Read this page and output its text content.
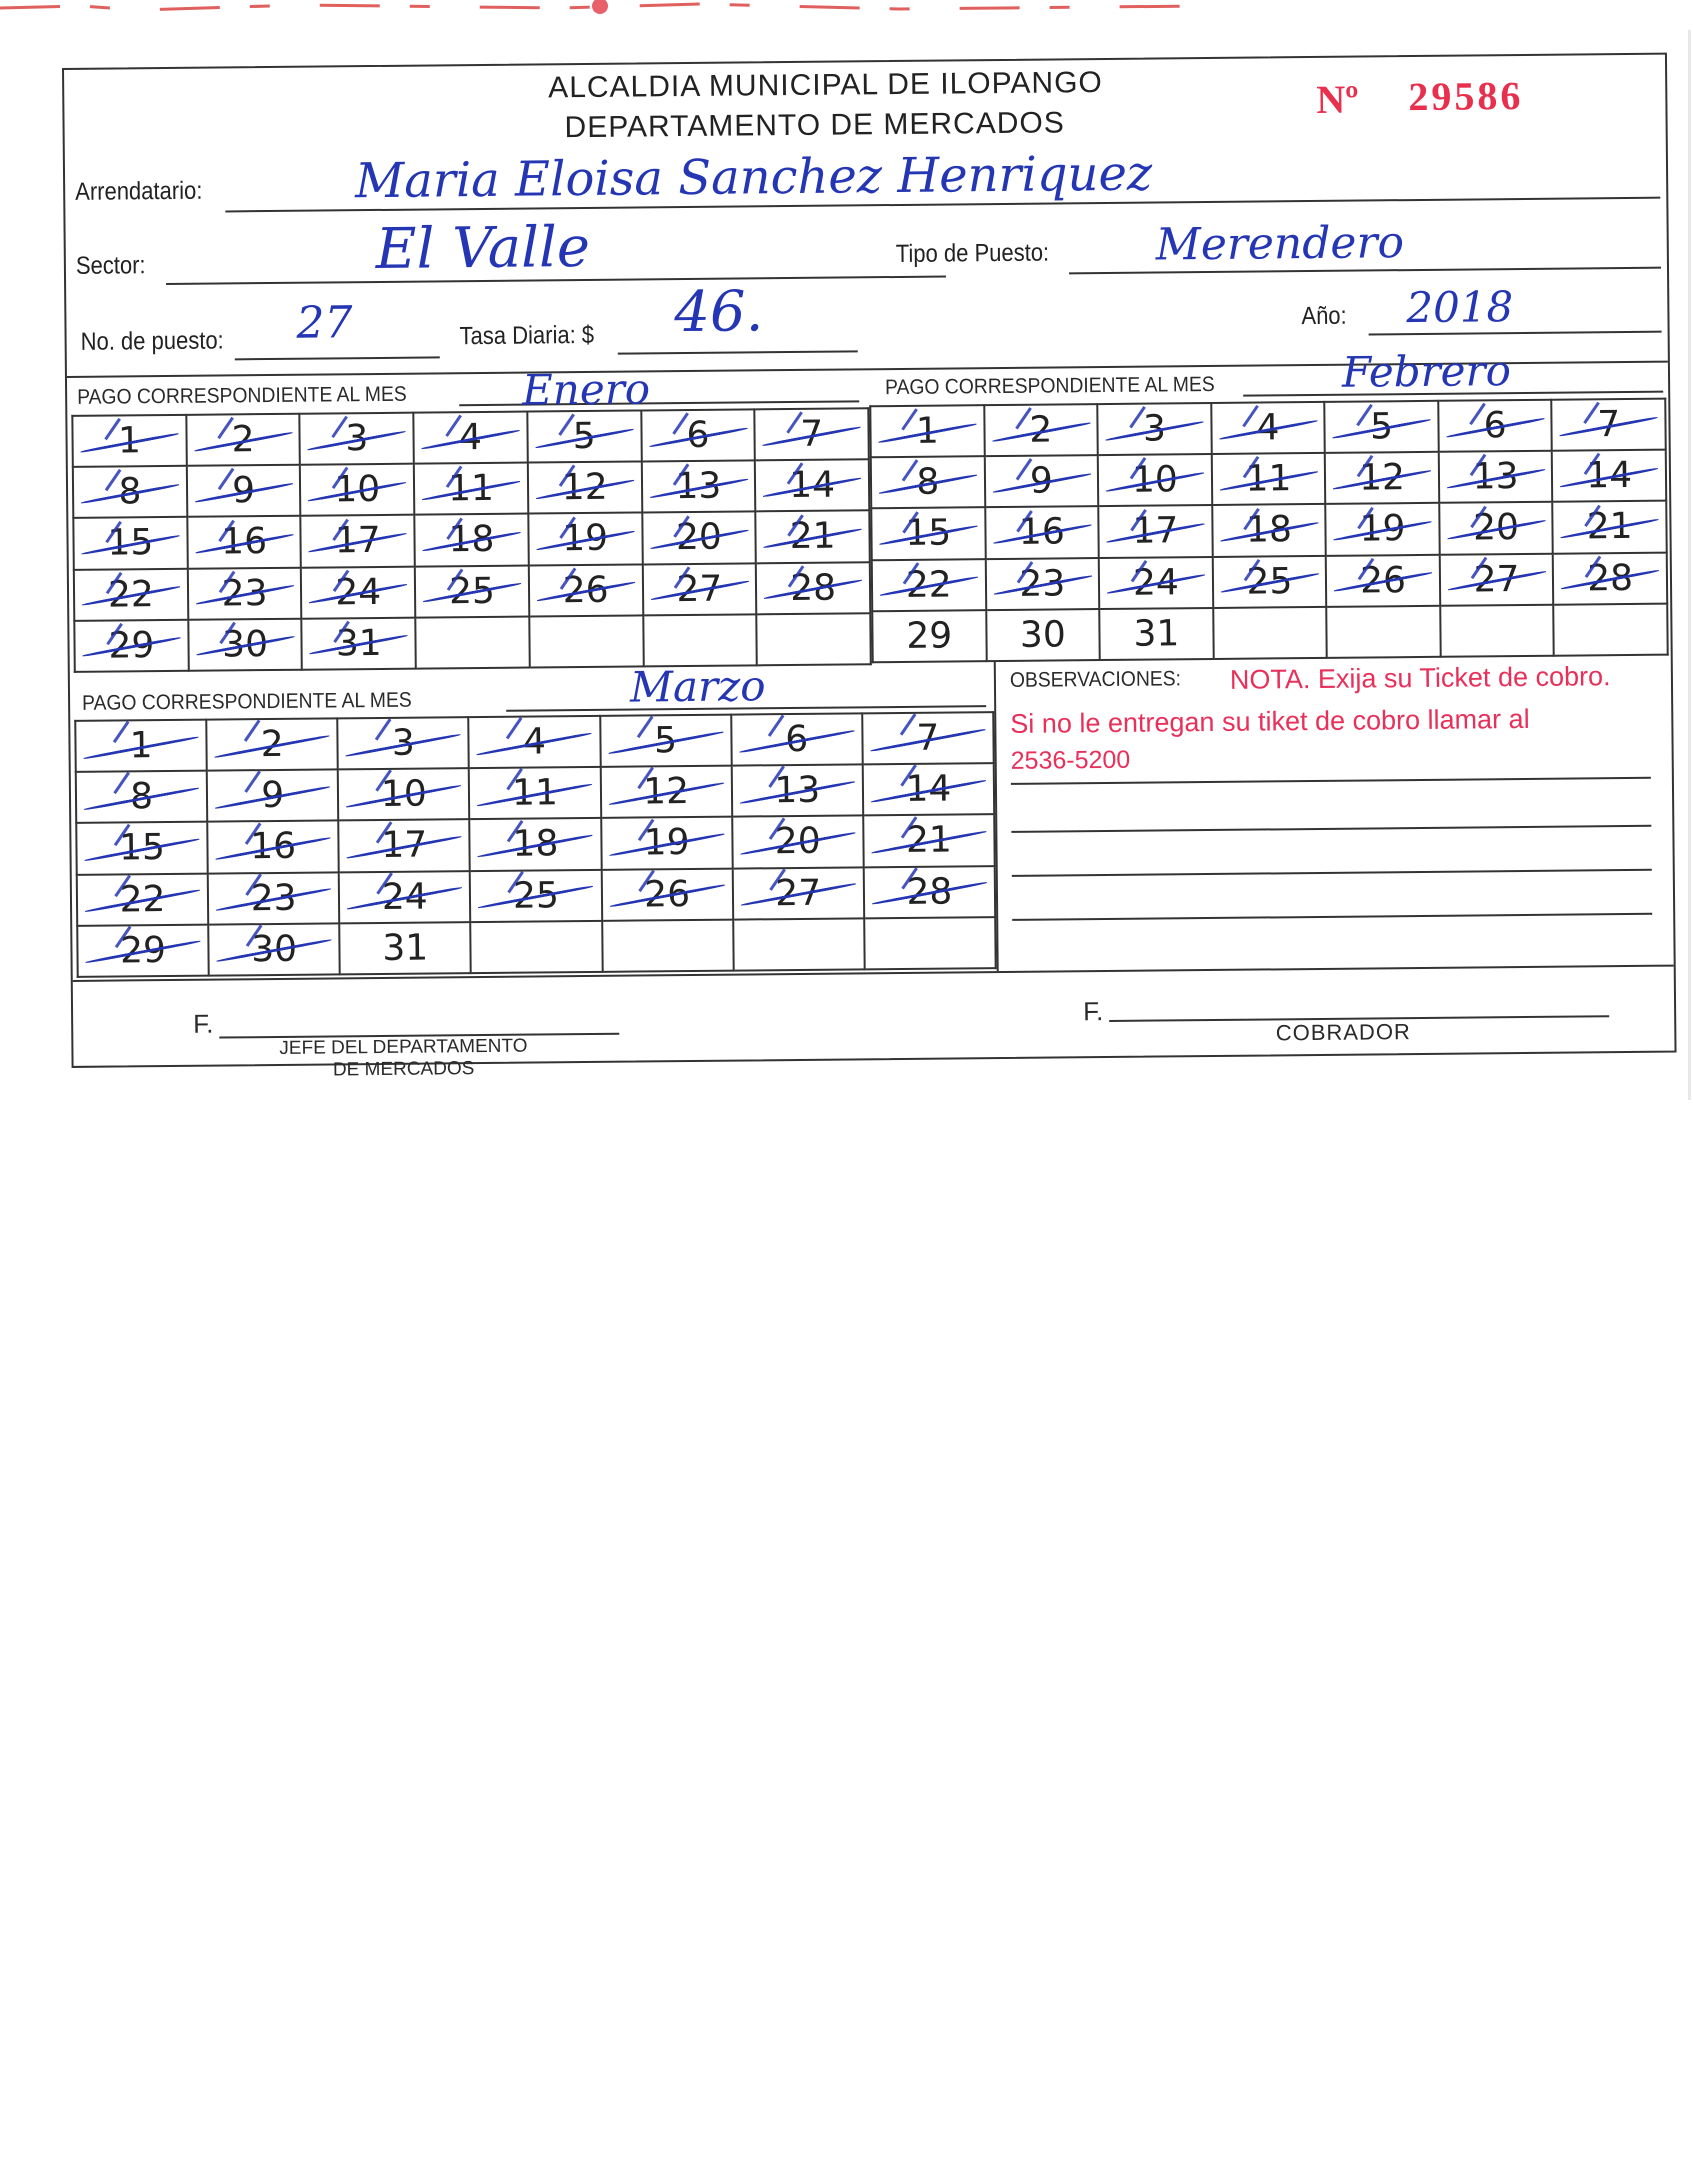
ALCALDIA MUNICIPAL DE ILOPANGO
DEPARTAMENTO DE MERCADOS
Nº 29586
Arrendatario:	Maria Eloisa Sanchez Henriquez
Sector:	El Valle	Tipo de Puesto: Merendero
No. de puesto: 27	Tasa Diaria: $ 46.	Año: 2018
PAGO CORRESPONDIENTE AL MES	Enero
1	2	3	4	5	6	7

8	9	10	11	12	13	14

15	16	17	18	19	20	21

22	23	24	25	26	27	28

29	30	31

PAGO CORRESPONDIENTE AL MES	Febrero
1	2	3	4	5	6	7

8	9	10	11	12	13	14

15	16	17	18	19	20	21

22	23	24	25	26	27	28

29	30	31				
PAGO CORRESPONDIENTE AL MES	Marzo
1	2	3	4	5	6	7

8	9	10	11	12	13	14

15	16	17	18	19	20	21

22	23	24	25	26	27	28

29	30	31				
OBSERVACIONES: NOTA. Exija su Ticket de cobro.
Si no le entregan su tiket de cobro llamar al
2536-5200
F.
JEFE DEL DEPARTAMENTO
DE MERCADOS
F.
COBRADOR
